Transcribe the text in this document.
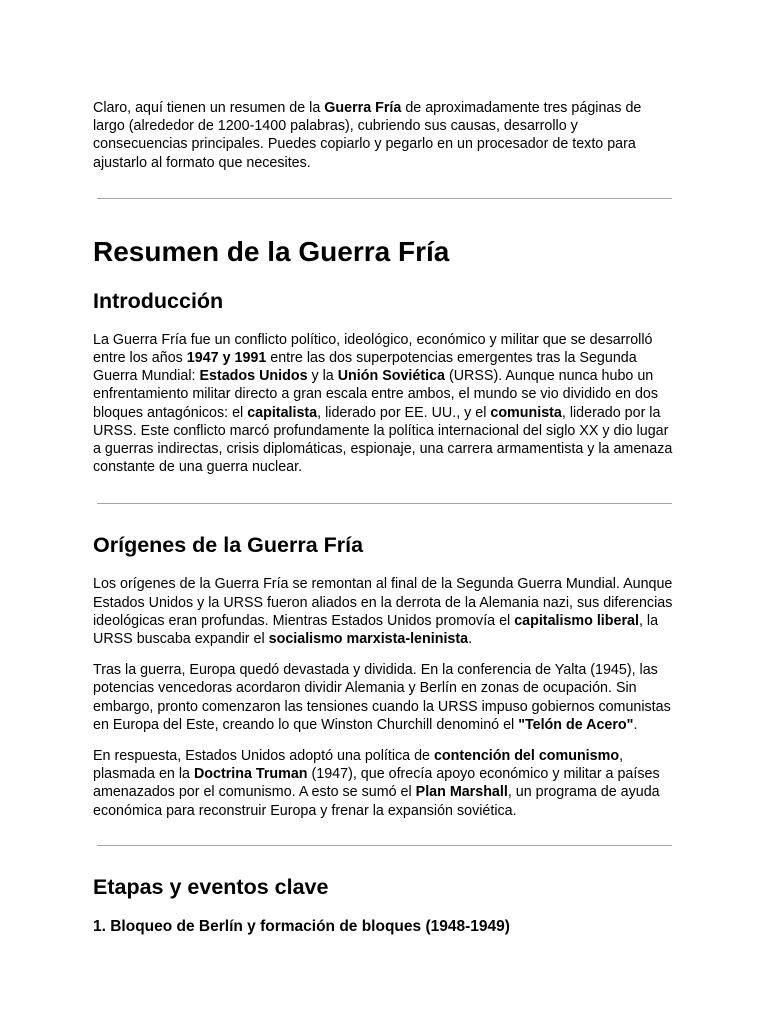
Claro, aquí tienen un resumen de la Guerra Fría de aproximadamente tres páginas de largo (alrededor de 1200-1400 palabras), cubriendo sus causas, desarrollo y consecuencias principales. Puedes copiarlo y pegarlo en un procesador de texto para ajustarlo al formato que necesites.

Resumen de la Guerra Fría
Introducción

La Guerra Fría fue un conflicto político, ideológico, económico y militar que se desarrolló entre los años 1947 y 1991 entre las dos superpotencias emergentes tras la Segunda Guerra Mundial: Estados Unidos y la Unión Soviética (URSS). Aunque nunca hubo un enfrentamiento militar directo a gran escala entre ambos, el mundo se vio dividido en dos bloques antagónicos: el capitalista, liderado por EE. UU., y el comunista, liderado por la URSS. Este conflicto marcó profundamente la política internacional del siglo XX y dio lugar a guerras indirectas, crisis diplomáticas, espionaje, una carrera armamentista y la amenaza constante de una guerra nuclear.

Orígenes de la Guerra Fría

Los orígenes de la Guerra Fría se remontan al final de la Segunda Guerra Mundial. Aunque Estados Unidos y la URSS fueron aliados en la derrota de la Alemania nazi, sus diferencias ideológicas eran profundas. Mientras Estados Unidos promovía el capitalismo liberal, la URSS buscaba expandir el socialismo marxista-leninista.

Tras la guerra, Europa quedó devastada y dividida. En la conferencia de Yalta (1945), las potencias vencedoras acordaron dividir Alemania y Berlín en zonas de ocupación. Sin embargo, pronto comenzaron las tensiones cuando la URSS impuso gobiernos comunistas en Europa del Este, creando lo que Winston Churchill denominó el "Telón de Acero".

En respuesta, Estados Unidos adoptó una política de contención del comunismo, plasmada en la Doctrina Truman (1947), que ofrecía apoyo económico y militar a países amenazados por el comunismo. A esto se sumó el Plan Marshall, un programa de ayuda económica para reconstruir Europa y frenar la expansión soviética.

Etapas y eventos clave
1. Bloqueo de Berlín y formación de bloques (1948-1949)
